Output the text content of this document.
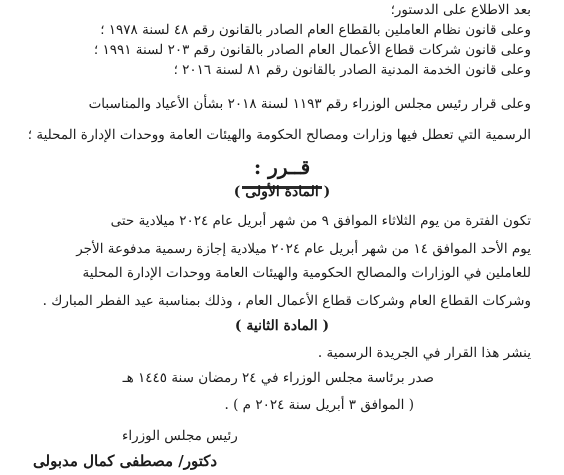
بعد الاطلاع على الدستور؛
وعلى قانون نظام العاملين بالقطاع العام الصادر بالقانون رقم ٤٨ لسنة ١٩٧٨ ؛
وعلى قانون شركات قطاع الأعمال العام الصادر بالقانون رقم ٢٠٣ لسنة ١٩٩١ ؛
وعلى قانون الخدمة المدنية الصادر بالقانون رقم ٨١ لسنة ٢٠١٦ ؛
وعلى قرار رئيس مجلس الوزراء رقم ١١٩٣ لسنة ٢٠١٨ بشأن الأعياد والمناسبات
الرسمية التي تعطل فيها وزارات ومصالح الحكومة والهيئات العامة ووحدات الإدارة المحلية ؛
قــرر :
( المادة الأولى )
تكون الفترة من يوم الثلاثاء الموافق ٩ من شهر أبريل عام ٢٠٢٤ ميلادية حتى
يوم الأحد الموافق ١٤ من شهر أبريل عام ٢٠٢٤ ميلادية إجازة رسمية مدفوعة الأجر
للعاملين في الوزارات والمصالح الحكومية والهيئات العامة ووحدات الإدارة المحلية
وشركات القطاع العام وشركات قطاع الأعمال العام ، وذلك بمناسبة عيد الفطر المبارك .
( المادة الثانية )
ينشر هذا القرار في الجريدة الرسمية .
صدر برئاسة مجلس الوزراء في ٢٤ رمضان سنة ١٤٤٥ هـ
( الموافق ٣ أبريل سنة ٢٠٢٤ م ) .
رئيس مجلس الوزراء
دكتور/ مصطفى كمال مدبولى
